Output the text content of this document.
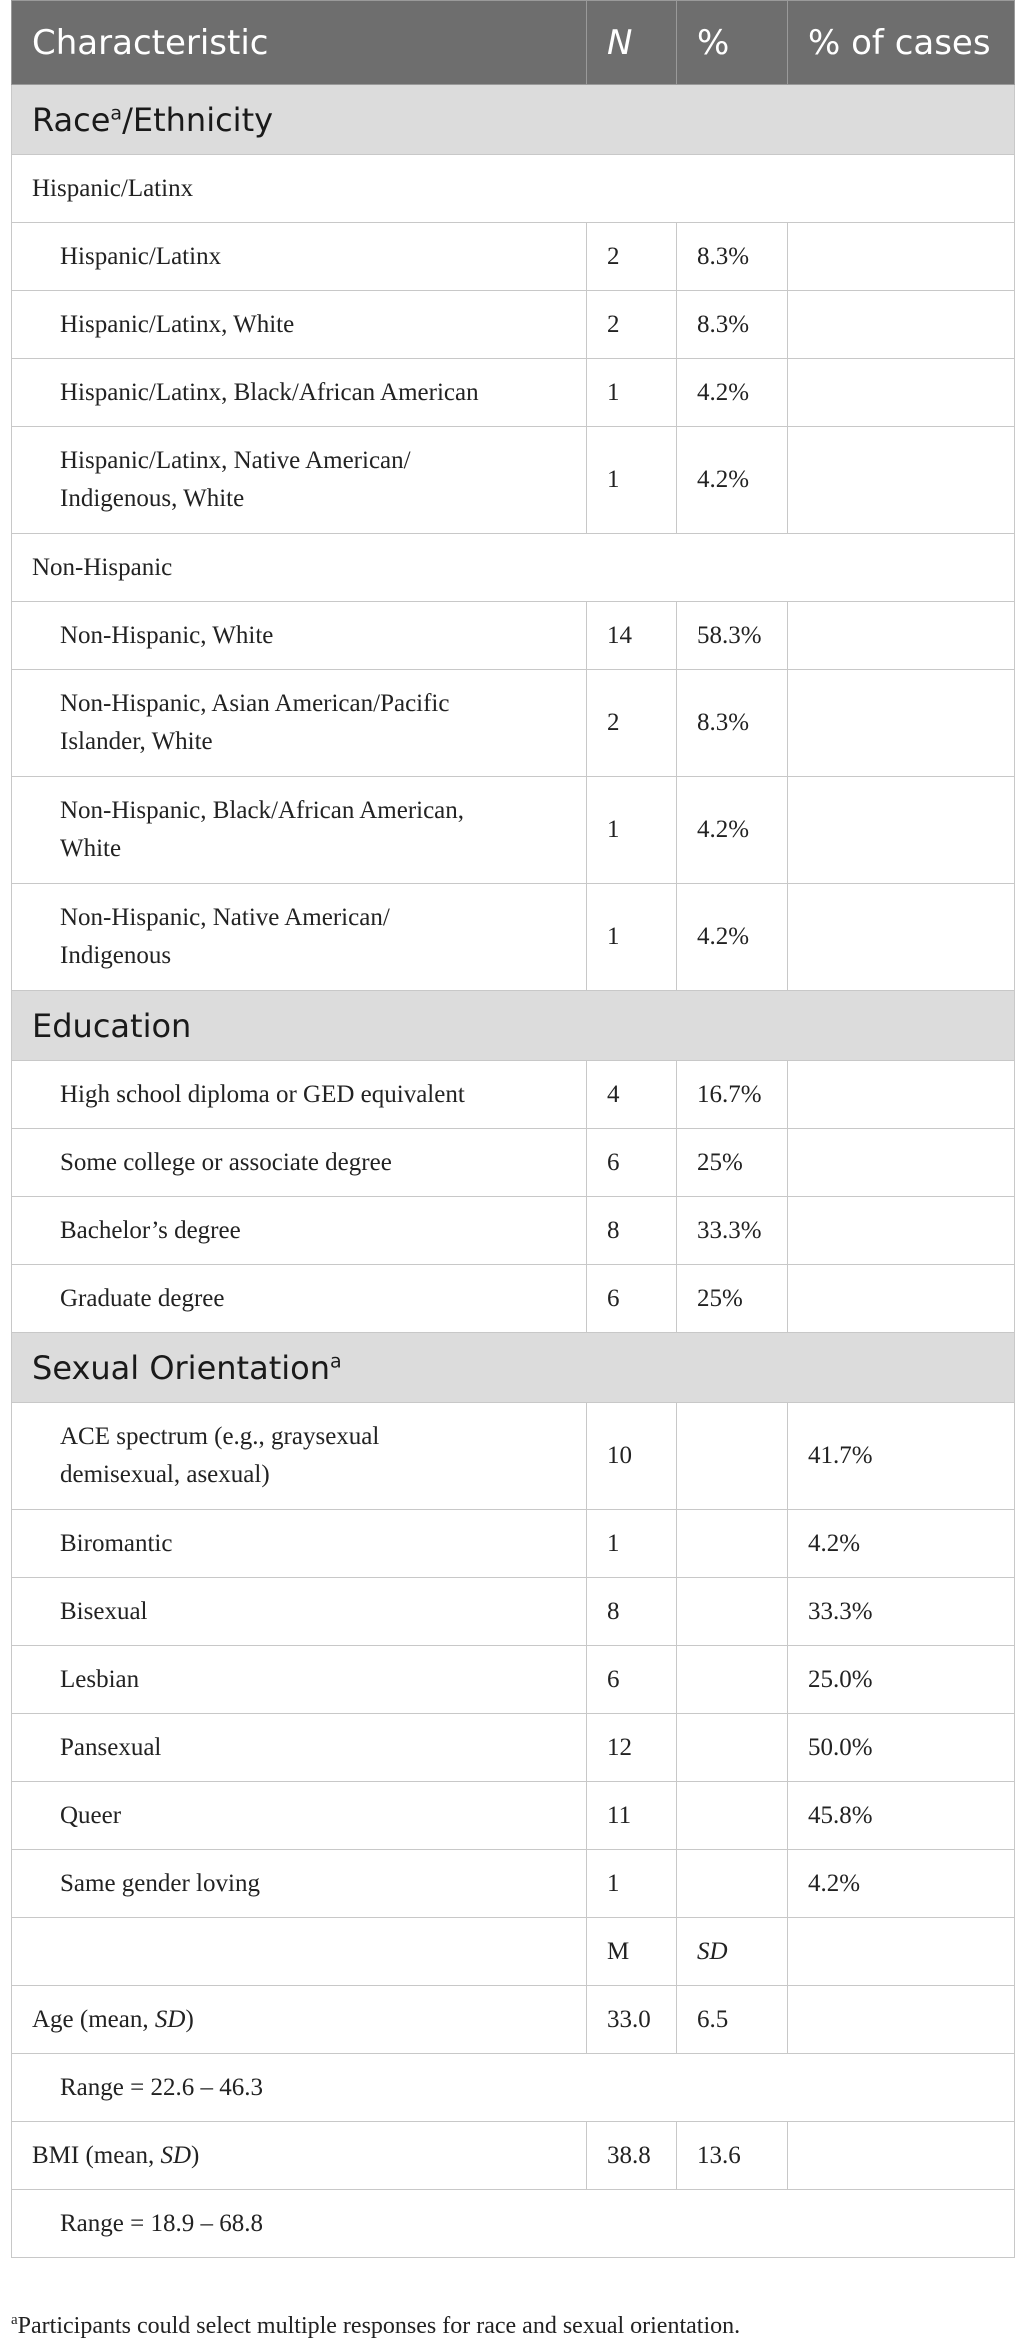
Characteristic	N	%	% of cases
Race$^a$/Ethnicity			
Hispanic/Latinx			
Hispanic/Latinx	2	8.3%	
Hispanic/Latinx, White	2	8.3%	
Hispanic/Latinx, Black/African American	1	4.2%	
Hispanic/Latinx, Native American/
Indigenous, White	1	4.2%	
Non-Hispanic			
Non-Hispanic, White	14	58.3%	
Non-Hispanic, Asian American/Pacific
Islander, White	2	8.3%	
Non-Hispanic, Black/African American,
White	1	4.2%	
Non-Hispanic, Native American/
Indigenous	1	4.2%	
Education			
High school diploma or GED equivalent	4	16.7%	
Some college or associate degree	6	25%	
Bachelor’s degree	8	33.3%	
Graduate degree	6	25%	
Sexual Orientation$^a$
ACE spectrum (e.g., graysexual
demisexual, asexual)	10		41.7%
Biromantic	1		4.2%
Bisexual	8		33.3%
Lesbian	6		25.0%
Pansexual	12		50.0%
Queer	11		45.8%
Same gender loving	1		4.2%
	M	SD	
Age (mean, SD)	33.0	6.5	
Range = 22.6 – 46.3			
BMI (mean, SD)	38.8	13.6	
Range = 18.9 – 68.8			
$^a$Participants could select multiple responses for race and sexual orientation.
